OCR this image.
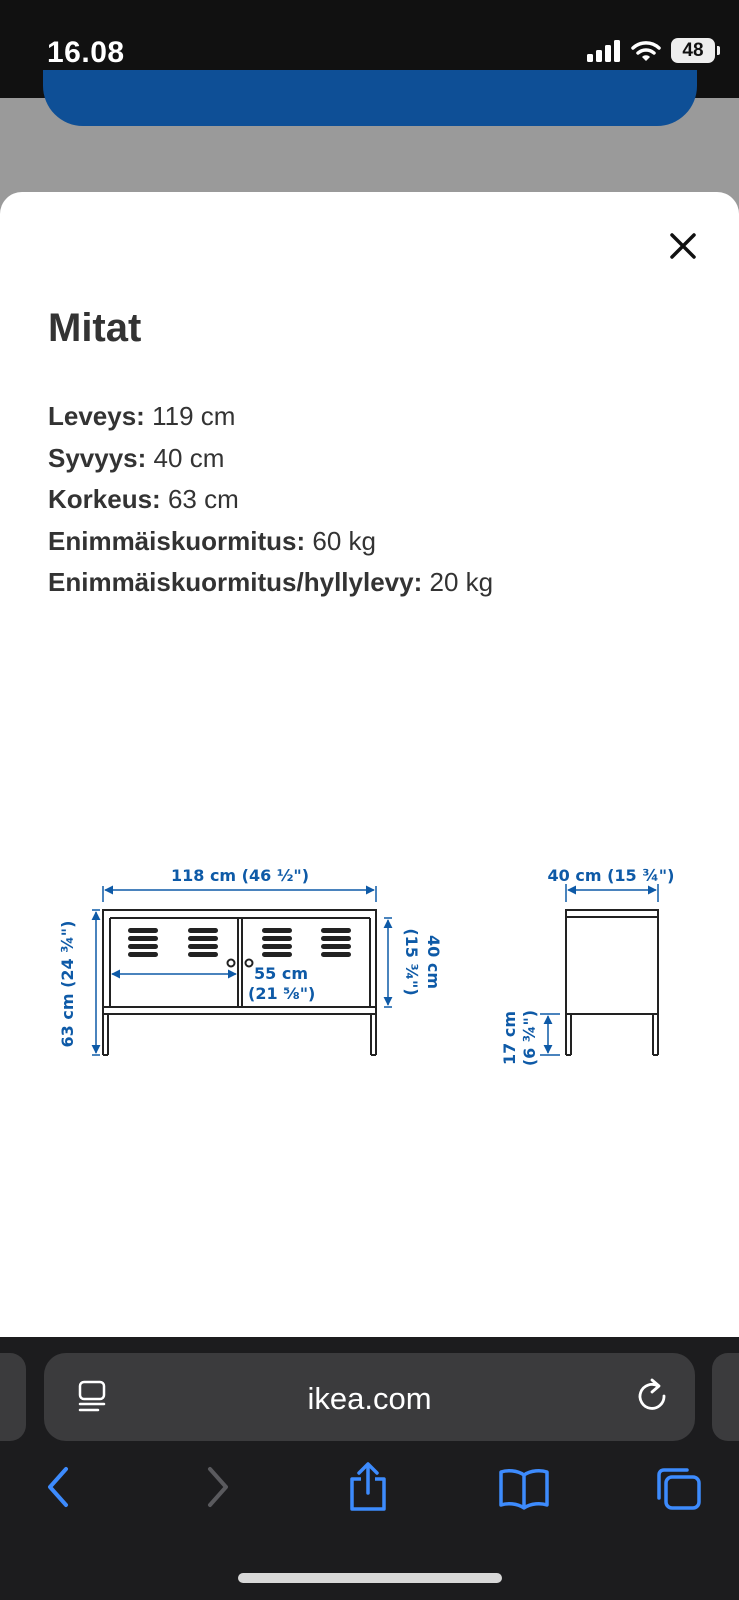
16.08	48
Mitat
Leveys: 119 cm
Syvyys: 40 cm
Korkeus: 63 cm
Enimmäiskuormitus: 60 kg
Enimmäiskuormitus/hyllylevy: 20 kg
118 cm (46 ½")
63 cm (24 ¾")	55 cm
(21 ⅝")
40 cm
(15 ¾")
40 cm (15 ¾")
17 cm (6 ¾")
ikea.com
